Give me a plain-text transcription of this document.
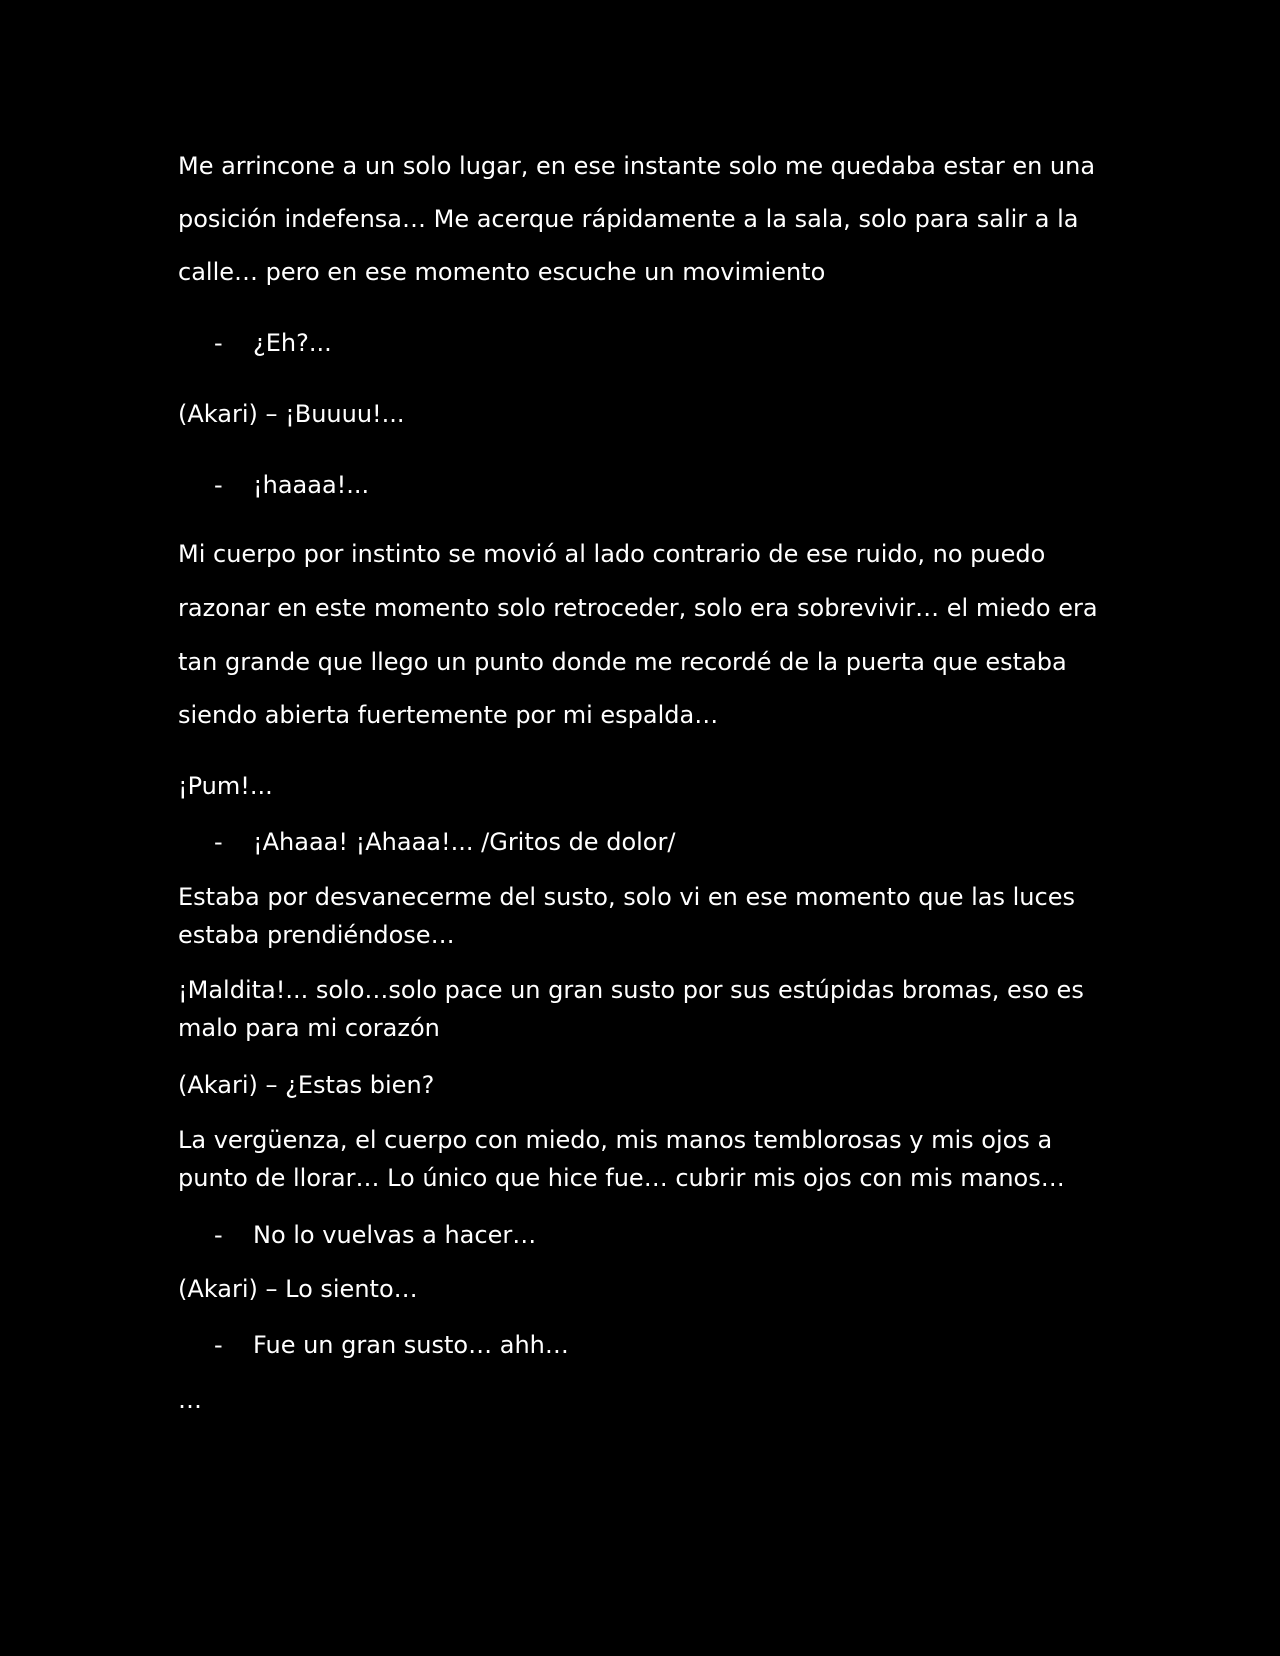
Me arrincone a un solo lugar, en ese instante solo me quedaba estar en una

posición indefensa… Me acerque rápidamente a la sala, solo para salir a la

calle… pero en ese momento escuche un movimiento

- ¿Eh?...

(Akari) – ¡Buuuu!...

- ¡haaaa!...

Mi cuerpo por instinto se movió al lado contrario de ese ruido, no puedo

razonar en este momento solo retroceder, solo era sobrevivir… el miedo era

tan grande que llego un punto donde me recordé de la puerta que estaba

siendo abierta fuertemente por mi espalda…

¡Pum!...

- ¡Ahaaa! ¡Ahaaa!... /Gritos de dolor/

Estaba por desvanecerme del susto, solo vi en ese momento que las luces

estaba prendiéndose…

¡Maldita!... solo…solo pace un gran susto por sus estúpidas bromas, eso es

malo para mi corazón

(Akari) – ¿Estas bien?

La vergüenza, el cuerpo con miedo, mis manos temblorosas y mis ojos a

punto de llorar… Lo único que hice fue… cubrir mis ojos con mis manos…

- No lo vuelvas a hacer…

(Akari) – Lo siento…

- Fue un gran susto… ahh…

…
